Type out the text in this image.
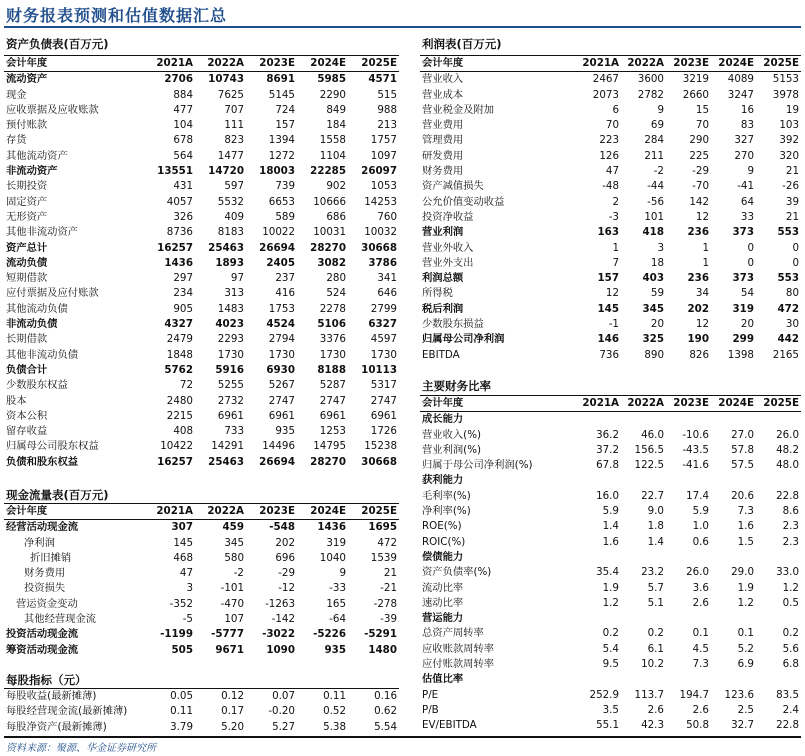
财务报表预测和估值数据汇总
资产负债表(百万元)
会计年度	2021A	2022A	2023E	2024E	2025E
流动资产	2706	10743	8691	5985	4571
现金	884	7625	5145	2290	515
应收票据及应收账款	477	707	724	849	988
预付账款	104	111	157	184	213
存货	678	823	1394	1558	1757
其他流动资产	564	1477	1272	1104	1097
非流动资产	13551	14720	18003	22285	26097
长期投资	431	597	739	902	1053
固定资产	4057	5532	6653	10666	14253
无形资产	326	409	589	686	760
其他非流动资产	8736	8183	10022	10031	10032
资产总计	16257	25463	26694	28270	30668
流动负债	1436	1893	2405	3082	3786
短期借款	297	97	237	280	341
应付票据及应付账款	234	313	416	524	646
其他流动负债	905	1483	1753	2278	2799
非流动负债	4327	4023	4524	5106	6327
长期借款	2479	2293	2794	3376	4597
其他非流动负债	1848	1730	1730	1730	1730
负债合计	5762	5916	6930	8188	10113
少数股东权益	72	5255	5267	5287	5317
股本	2480	2732	2747	2747	2747
资本公积	2215	6961	6961	6961	6961
留存收益	408	733	935	1253	1726
归属母公司股东权益	10422	14291	14496	14795	15238
负债和股东权益	16257	25463	26694	28270	30668
现金流量表(百万元)
会计年度	2021A	2022A	2023E	2024E	2025E
经营活动现金流	307	459	-548	1436	1695
净利润	145	345	202	319	472
折旧摊销	468	580	696	1040	1539
财务费用	47	-2	-29	9	21
投资损失	3	-101	-12	-33	-21
营运资金变动	-352	-470	-1263	165	-278
其他经营现金流	-5	107	-142	-64	-39
投资活动现金流	-1199	-5777	-3022	-5226	-5291
筹资活动现金流	505	9671	1090	935	1480
每股指标（元）
每股收益(最新摊薄)	0.05	0.12	0.07	0.11	0.16
每股经营现金流(最新摊薄)	0.11	0.17	-0.20	0.52	0.62
每股净资产(最新摊薄)	3.79	5.20	5.27	5.38	5.54
利润表(百万元)
会计年度	2021A	2022A	2023E	2024E	2025E
营业收入	2467	3600	3219	4089	5153
营业成本	2073	2782	2660	3247	3978
营业税金及附加	6	9	15	16	19
营业费用	70	69	70	83	103
管理费用	223	284	290	327	392
研发费用	126	211	225	270	320
财务费用	47	-2	-29	9	21
资产减值损失	-48	-44	-70	-41	-26
公允价值变动收益	2	-56	142	64	39
投资净收益	-3	101	12	33	21
营业利润	163	418	236	373	553
营业外收入	1	3	1	0	0
营业外支出	7	18	1	0	0
利润总额	157	403	236	373	553
所得税	12	59	34	54	80
税后利润	145	345	202	319	472
少数股东损益	-1	20	12	20	30
归属母公司净利润	146	325	190	299	442
EBITDA	736	890	826	1398	2165
主要财务比率
会计年度	2021A	2022A	2023E	2024E	2025E
成长能力					
营业收入(%)	36.2	46.0	-10.6	27.0	26.0
营业利润(%)	37.2	156.5	-43.5	57.8	48.2
归属于母公司净利润(%)	67.8	122.5	-41.6	57.5	48.0
获利能力					
毛利率(%)	16.0	22.7	17.4	20.6	22.8
净利率(%)	5.9	9.0	5.9	7.3	8.6
ROE(%)	1.4	1.8	1.0	1.6	2.3
ROIC(%)	1.6	1.4	0.6	1.5	2.3
偿债能力					
资产负债率(%)	35.4	23.2	26.0	29.0	33.0
流动比率	1.9	5.7	3.6	1.9	1.2
速动比率	1.2	5.1	2.6	1.2	0.5
营运能力					
总资产周转率	0.2	0.2	0.1	0.1	0.2
应收账款周转率	5.4	6.1	4.5	5.2	5.6
应付账款周转率	9.5	10.2	7.3	6.9	6.8
估值比率					
P/E	252.9	113.7	194.7	123.6	83.5
P/B	3.5	2.6	2.6	2.5	2.4
EV/EBITDA	55.1	42.3	50.8	32.7	22.8
资料来源：聚源、华金证券研究所
